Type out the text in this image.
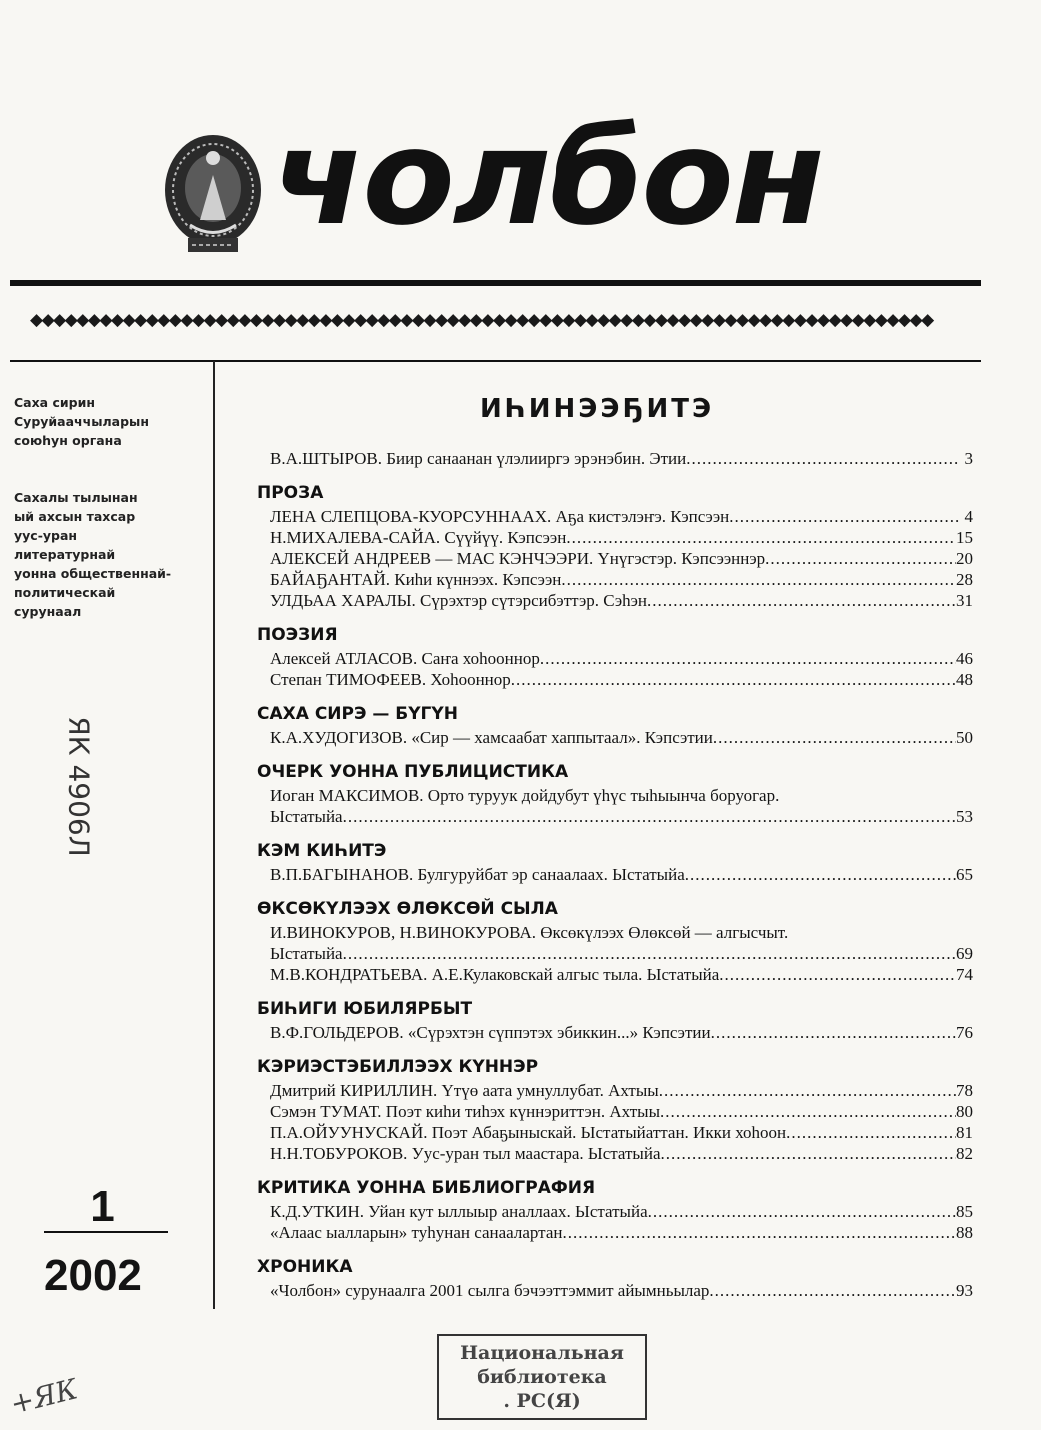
чолбон
◆◆◆◆◆◆◆◆◆◆◆◆◆◆◆◆◆◆◆◆◆◆◆◆◆◆◆◆◆◆◆◆◆◆◆◆◆◆◆◆◆◆◆◆◆◆◆◆◆◆◆◆◆◆◆◆◆◆◆◆◆◆◆◆◆◆◆◆◆◆◆◆◆◆◆◆◆◆
Саха сирин
Суруйааччыларын
союһун органа
Сахалы тылынан
ый ахсын тахсар
уус-уран
литературнай
уонна общественнай-
политическай
сурунаал
ЯК 4906Л
1
2002
+ЯК
ИҺИНЭЭҔИТЭ
В.А.ШТЫРОВ. Биир санаанан үлэлииргэ эрэнэбин. Этии .....	3
ПРОЗА
ЛЕНА СЛЕПЦОВА-КУОРСУННААХ. Аҕа кистэлэҥэ. Кэпсээн .....	4
Н.МИХАЛЕВА-САЙА. Сүүйүү. Кэпсээн .....	15
АЛЕКСЕЙ АНДРЕЕВ — МАС КЭНЧЭЭРИ. Үнүгэстэр. Кэпсээннэр .....	20
БАЙАҔАНТАЙ. Киһи күннээх. Кэпсээн .....	28
УЛДЬАА ХАРАЛЫ. Сүрэхтэр сүтэрсибэттэр. Сэһэн .....	31
ПОЭЗИЯ
Алексей АТЛАСОВ. Саҥа хоһооннор .....	46
Степан ТИМОФЕЕВ. Хоһооннор .....	48
САХА СИРЭ — БҮГҮН
К.А.ХУДОГИЗОВ. «Сир — хамсаабат хаппытаал». Кэпсэтии .....	50
ОЧЕРК УОННА ПУБЛИЦИСТИКА
Иоган МАКСИМОВ. Орто туруук дойдубут үһүс тыһыынча боруогар.
Ыстатыйа .....	53
КЭМ КИҺИТЭ
В.П.БАГЫНАНОВ. Булгуруйбат эр санаалаах. Ыстатыйа .....	65
ӨКСӨКҮЛЭЭХ ӨЛӨКСӨЙ СЫЛА
И.ВИНОКУРОВ, Н.ВИНОКУРОВА. Өксөкүлээх Өлөксөй — алгысчыт.
Ыстатыйа .....	69
М.В.КОНДРАТЬЕВА. А.Е.Кулаковскай алгыс тыла. Ыстатыйа .....	74
БИҺИГИ ЮБИЛЯРБЫТ
В.Ф.ГОЛЬДЕРОВ. «Сүрэхтэн сүппэтэх эбиккин...» Кэпсэтии .....	76
КЭРИЭСТЭБИЛЛЭЭХ КҮННЭР
Дмитрий КИРИЛЛИН. Үтүө аата умнуллубат. Ахтыы .....	78
Сэмэн ТУМАТ. Поэт киһи тиһэх күннэриттэн. Ахтыы .....	80
П.А.ОЙУУНУСКАЙ. Поэт Абаҕыныскай. Ыстатыйаттан. Икки хоһоон .....	81
Н.Н.ТОБУРОКОВ. Уус-уран тыл маастара. Ыстатыйа .....	82
КРИТИКА УОННА БИБЛИОГРАФИЯ
К.Д.УТКИН. Уйан кут ыллыыр аналлаах. Ыстатыйа .....	85
«Алаас ыалларын» туһунан санаалартан .....	88
ХРОНИКА
«Чолбон» сурунаалга 2001 сылга бэчээттэммит айымньылар .....	93
Национальная
библиотека
. РС(Я)
